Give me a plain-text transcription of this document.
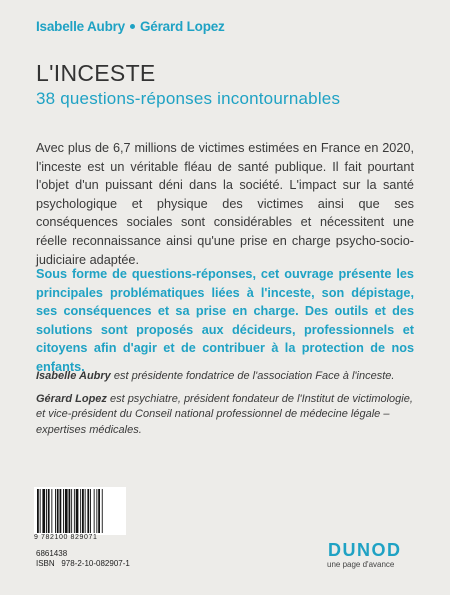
Isabelle Aubry Gérard Lopez
L'INCESTE
38 questions-réponses incontournables

Avec plus de 6,7 millions de victimes estimées en France en 2020, l'inceste est un véritable fléau de santé publique. Il fait pourtant l'objet d'un puissant déni dans la société. L'impact sur la santé psychologique et physique des victimes ainsi que ses conséquences sociales sont considérables et nécessitent une réelle reconnaissance ainsi qu'une prise en charge psycho-socio-judiciaire adaptée.

Sous forme de questions-réponses, cet ouvrage présente les principales problématiques liées à l'inceste, son dépistage, ses conséquences et sa prise en charge. Des outils et des solutions sont proposés aux décideurs, professionnels et citoyens afin d'agir et de contribuer à la protection de nos enfants.

Isabelle Aubry est présidente fondatrice de l'association Face à l'inceste.

Gérard Lopez est psychiatre, président fondateur de l'Institut de victimologie, et vice-président du Conseil national professionnel de médecine légale – expertises médicales.

9 782100 829071
6861438
ISBN 978-2-10-082907-1
DUNOD
une page d'avance
